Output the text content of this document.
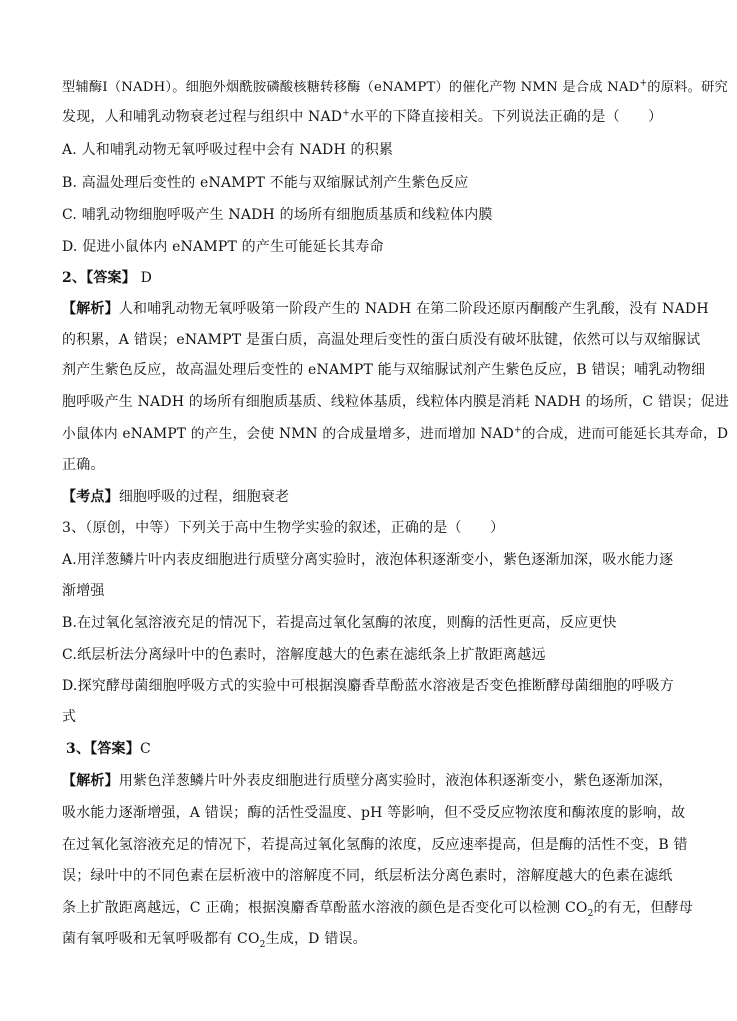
型辅酶Ⅰ（NADH）。细胞外烟酰胺磷酸核糖转移酶（eNAMPT）的催化产物 NMN 是合成 NAD+的原料。研究
发现，人和哺乳动物衰老过程与组织中 NAD+水平的下降直接相关。下列说法正确的是（　　）
A. 人和哺乳动物无氧呼吸过程中会有 NADH 的积累
B. 高温处理后变性的 eNAMPT 不能与双缩脲试剂产生紫色反应
C. 哺乳动物细胞呼吸产生 NADH 的场所有细胞质基质和线粒体内膜
D. 促进小鼠体内 eNAMPT 的产生可能延长其寿命
2、【答案】 D
【解析】人和哺乳动物无氧呼吸第一阶段产生的 NADH 在第二阶段还原丙酮酸产生乳酸，没有 NADH
的积累，A 错误；eNAMPT 是蛋白质，高温处理后变性的蛋白质没有破坏肽键，依然可以与双缩脲试
剂产生紫色反应，故高温处理后变性的 eNAMPT 能与双缩脲试剂产生紫色反应，B 错误；哺乳动物细
胞呼吸产生 NADH 的场所有细胞质基质、线粒体基质，线粒体内膜是消耗 NADH 的场所，C 错误；促进
小鼠体内 eNAMPT 的产生，会使 NMN 的合成量增多，进而增加 NAD+的合成，进而可能延长其寿命，D
正确。
【考点】细胞呼吸的过程，细胞衰老
3、（原创，中等）下列关于高中生物学实验的叙述，正确的是（　　）
A.用洋葱鳞片叶内表皮细胞进行质壁分离实验时，液泡体积逐渐变小，紫色逐渐加深，吸水能力逐
渐增强
B.在过氧化氢溶液充足的情况下，若提高过氧化氢酶的浓度，则酶的活性更高，反应更快
C.纸层析法分离绿叶中的色素时，溶解度越大的色素在滤纸条上扩散距离越远
D.探究酵母菌细胞呼吸方式的实验中可根据溴麝香草酚蓝水溶液是否变色推断酵母菌细胞的呼吸方
式
3、【答案】C
【解析】用紫色洋葱鳞片叶外表皮细胞进行质壁分离实验时，液泡体积逐渐变小，紫色逐渐加深，
吸水能力逐渐增强，A 错误；酶的活性受温度、pH 等影响，但不受反应物浓度和酶浓度的影响，故
在过氧化氢溶液充足的情况下，若提高过氧化氢酶的浓度，反应速率提高，但是酶的活性不变，B 错
误；绿叶中的不同色素在层析液中的溶解度不同，纸层析法分离色素时，溶解度越大的色素在滤纸
条上扩散距离越远，C 正确；根据溴麝香草酚蓝水溶液的颜色是否变化可以检测 $CO_2$的有无，但酵母
菌有氧呼吸和无氧呼吸都有 $CO_2$生成，D 错误。
